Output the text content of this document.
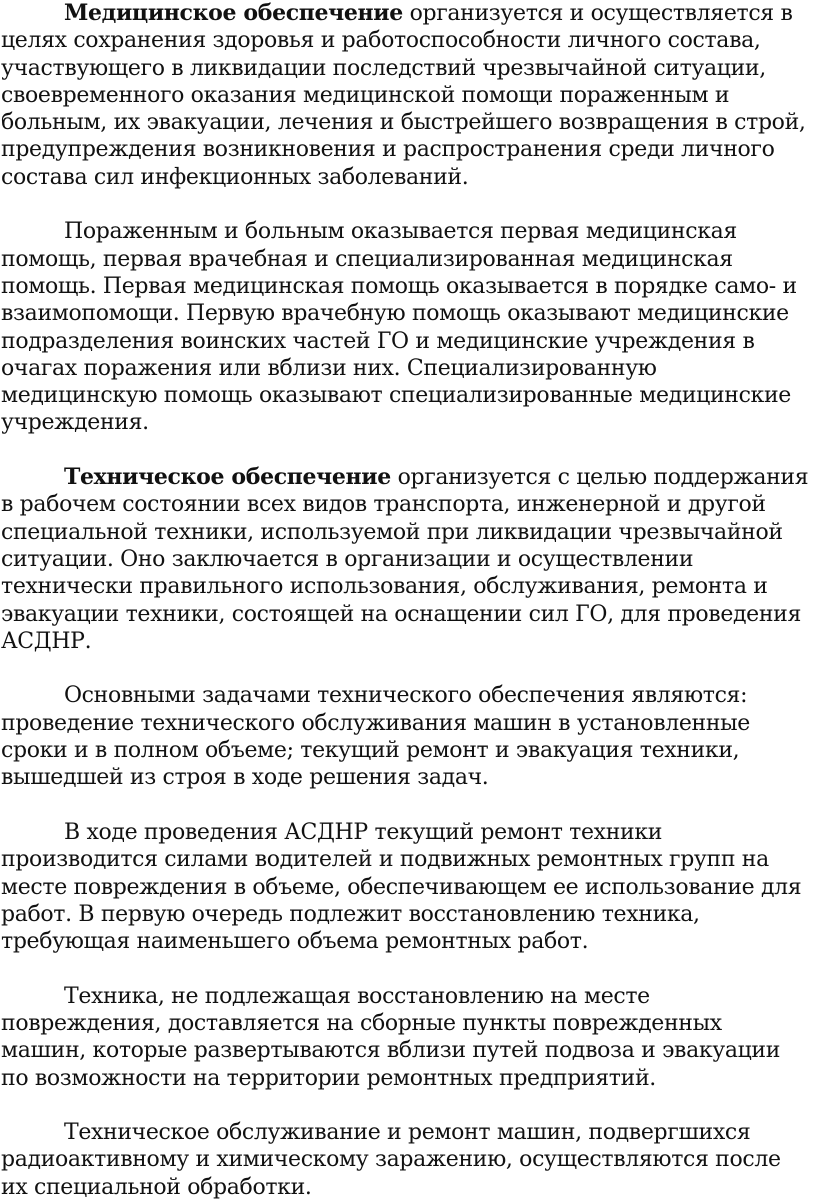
Медицинское обеспечение организуется и осуществляется в целях сохранения здоровья и работоспособности личного состава, участвующего в ликвидации последствий чрезвычайной ситуации, своевременного оказания медицинской помощи пораженным и больным, их эвакуации, лечения и быстрейшего возвращения в строй, предупреждения возникновения и распространения среди личного состава сил инфекционных заболеваний.

Пораженным и больным оказывается первая медицинская помощь, первая врачебная и специализированная медицинская помощь. Первая медицинская помощь оказывается в порядке само- и взаимопомощи. Первую врачебную помощь оказывают медицинские подразделения воинских частей ГО и медицинские учреждения в очагах поражения или вблизи них. Специализированную медицинскую помощь оказывают специализированные медицинские учреждения.

Техническое обеспечение организуется с целью поддержания в рабочем состоянии всех видов транспорта, инженерной и другой специальной техники, используемой при ликвидации чрезвычайной ситуации. Оно заключается в организации и осуществлении технически правильного использования, обслуживания, ремонта и эвакуации техники, состоящей на оснащении сил ГО, для проведения АСДНР.

Основными задачами технического обеспечения являются: проведение технического обслуживания машин в установленные сроки и в полном объеме; текущий ремонт и эвакуация техники, вышедшей из строя в ходе решения задач.

В ходе проведения АСДНР текущий ремонт техники производится силами водителей и подвижных ремонтных групп на месте повреждения в объеме, обеспечивающем ее использование для работ. В первую очередь подлежит восстановлению техника, требующая наименьшего объема ремонтных работ.

Техника, не подлежащая восстановлению на месте повреждения, доставляется на сборные пункты поврежденных машин, которые развертываются вблизи путей подвоза и эвакуации по возможности на территории ремонтных предприятий.

Техническое обслуживание и ремонт машин, подвергшихся радиоактивному и химическому заражению, осуществляются после их специальной обработки.
